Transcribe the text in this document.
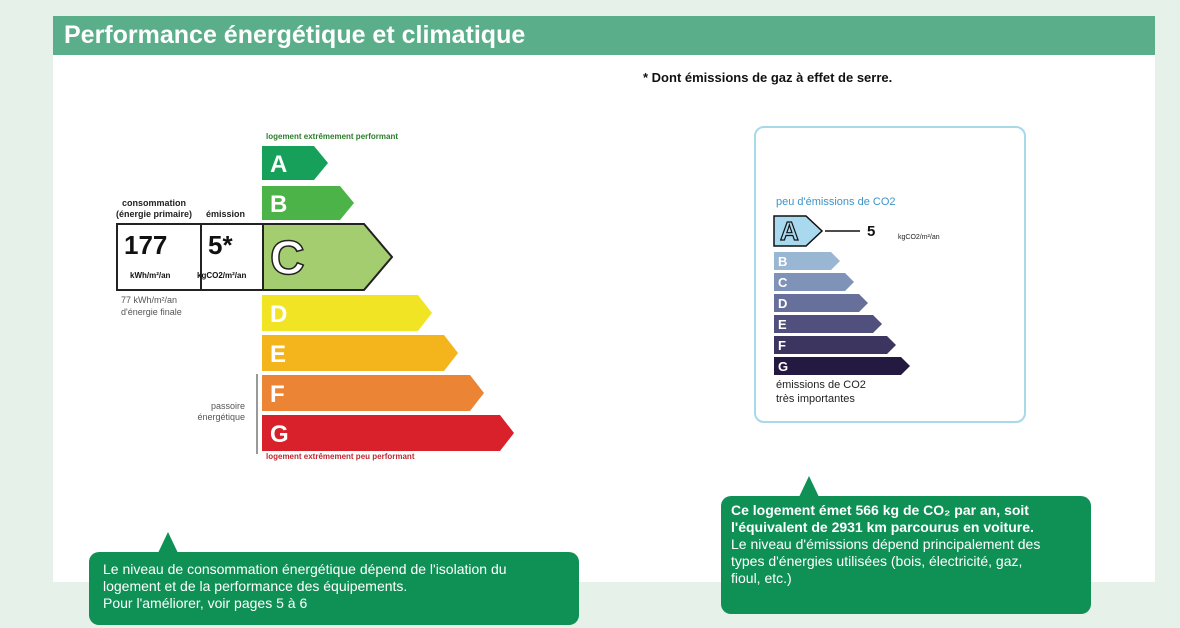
Performance énergétique et climatique
* Dont émissions de gaz à effet de serre.
logement extrêmement performant
logement extrêmement peu performant
A
B
C
D
E
F
G
consommation
(énergie primaire) émission
177
kWh/m²/an
5*
kgCO2/m²/an
77 kWh/m²/an
d'énergie finale
passoire
énergétique
peu d'émissions de CO2
A
B
C
D
E
F
G
5	kgCO2/m²/an
émissions de CO2
très importantes
Le niveau de consommation énergétique dépend de l'isolation du
logement et de la performance des équipements.
Pour l'améliorer, voir pages 5 à 6
Ce logement émet 566 kg de CO₂ par an, soit
l'équivalent de 2931 km parcourus en voiture.
Le niveau d'émissions dépend principalement des
types d'énergies utilisées (bois, électricité, gaz,
fioul, etc.)
